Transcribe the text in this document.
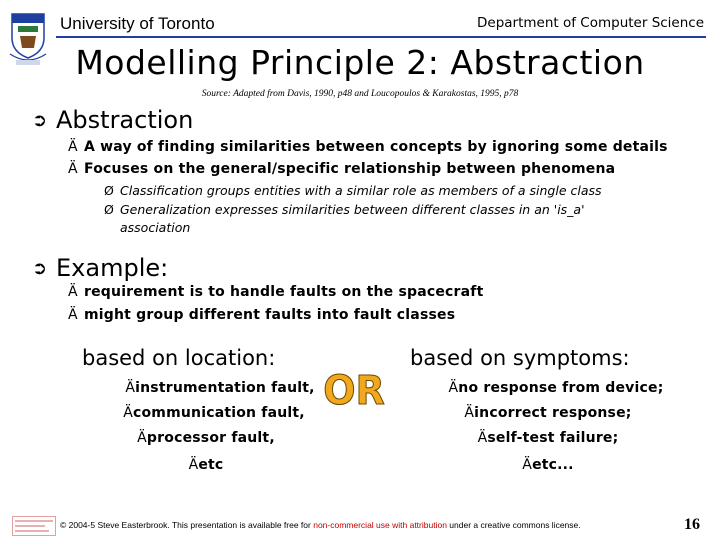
University of Toronto	Department of Computer Science
Modelling Principle 2: Abstraction
Source: Adapted from Davis, 1990, p48 and Loucopoulos & Karakostas, 1995, p78
➲ Abstraction
Ä A way of finding similarities between concepts by ignoring some details
Ä Focuses on the general/specific relationship between phenomena
Ø Classification groups entities with a similar role as members of a single class
Ø Generalization expresses similarities between different classes in an 'is_a'
association
➲ Example:
Ä requirement is to handle faults on the spacecraft
Ä might group different faults into fault classes
based on location:
Äinstrumentation fault,
Äcommunication fault,
Äprocessor fault,
Äetc
OR
based on symptoms:
Äno response from device;
Äincorrect response;
Äself-test failure;
Äetc...
© 2004-5 Steve Easterbrook. This presentation is available free for non-commercial use with attribution under a creative commons license.	16
